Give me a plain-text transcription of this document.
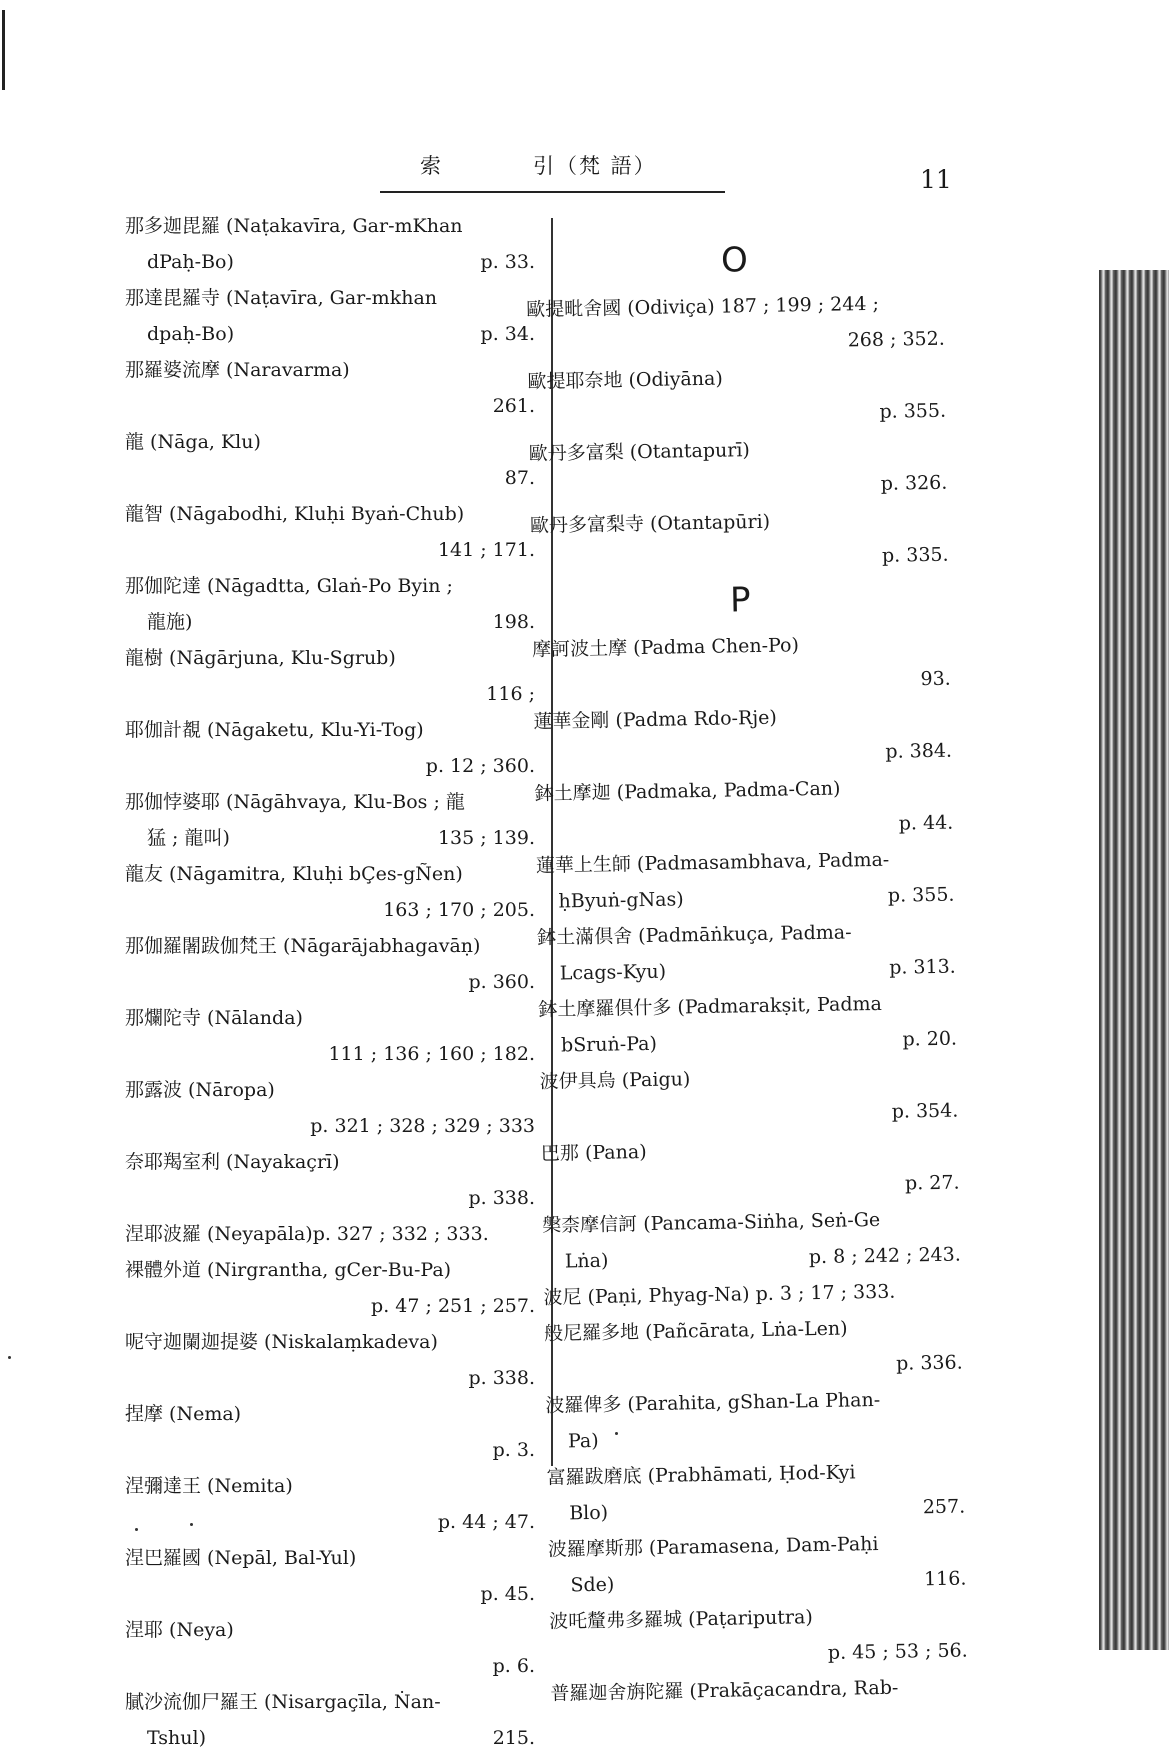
索	引（梵 語）	11
那多迦毘羅 (Naṭakavīra, Gar-mKhan
dPaḥ-Bo)	p. 33.
那達毘羅寺 (Naṭavīra, Gar-mkhan
dpaḥ-Bo)	p. 34.
那羅婆流摩 (Naravarma)
261.
龍 (Nāga, Klu)
87.
龍智 (Nāgabodhi, Kluḥi Byaṅ-Chub)
141 ; 171.
那伽陀達 (Nāgadtta, Glaṅ-Po Byin ;
龍施)	198.
龍樹 (Nāgārjuna, Klu-Sgrub)
116 ;
耶伽計覩 (Nāgaketu, Klu-Yi-Tog)
p. 12 ; 360.
那伽悖婆耶 (Nāgāhvaya, Klu-Bos ; 龍
猛 ; 龍叫)	135 ; 139.
龍友 (Nāgamitra, Kluḥi bÇes-gÑen)
163 ; 170 ; 205.
那伽羅闍跋伽梵王 (Nāgarājabhagavāṇ)
p. 360.
那爛陀寺 (Nālanda)
111 ; 136 ; 160 ; 182.
那露波 (Nāropa)
p. 321 ; 328 ; 329 ; 333
奈耶羯室利 (Nayakaçrī)
p. 338.
涅耶波羅 (Neyapāla)p. 327 ; 332 ; 333.
裸體外道 (Nirgrantha, gCer-Bu-Pa)
p. 47 ; 251 ; 257.
呢守迦闌迦提婆 (Niskalaṃkadeva)
p. 338.
捏摩 (Nema)
p. 3.
涅彌達王 (Nemita)
p. 44 ; 47.
涅巴羅國 (Nepāl, Bal-Yul)
p. 45.
涅耶 (Neya)
p. 6.
膩沙流伽尸羅王 (Nisargaçīla, Ṅan-
Tshul)	215.
O
歐提毗舍國 (Odiviça) 187 ; 199 ; 244 ;
268 ; 352.
歐提耶奈地 (Odiyāna)
p. 355.
歐丹多富梨 (Otantapurī)
p. 326.
歐丹多富梨寺 (Otantapūri)
p. 335.
P
摩訶波土摩 (Padma Chen-Po)
93.
蓮華金剛 (Padma Rdo-Rje)
p. 384.
鉢土摩迦 (Padmaka, Padma-Can)
p. 44.
蓮華上生師 (Padmasambhava, Padma-
ḥByuṅ-gNas)	p. 355.
鉢土滿倶舍 (Padmāṅkuça, Padma-
Lcags-Kyu)	p. 313.
鉢土摩羅倶什多 (Padmarakṣit, Padma
bSruṅ-Pa)	p. 20.
波伊具烏 (Paigu)
p. 354.
巴那 (Pana)
p. 27.
槃柰摩信訶 (Pancama-Siṅha, Seṅ-Ge
Lṅa)	p. 8 ; 242 ; 243.
波尼 (Paṇi, Phyag-Na) p. 3 ; 17 ; 333.
般尼羅多地 (Pañcārata, Lṅa-Len)
p. 336.
波羅俾多 (Parahita, gShan-La Phan-
Pa)
富羅跋磨底 (Prabhāmati, Ḥod-Kyi
Blo)	257.
波羅摩斯那 (Paramasena, Dam-Paḥi
Sde)	116.
波吒釐弗多羅城 (Paṭariputra)
p. 45 ; 53 ; 56.
普羅迦舍旃陀羅 (Prakāçacandra, Rab-
